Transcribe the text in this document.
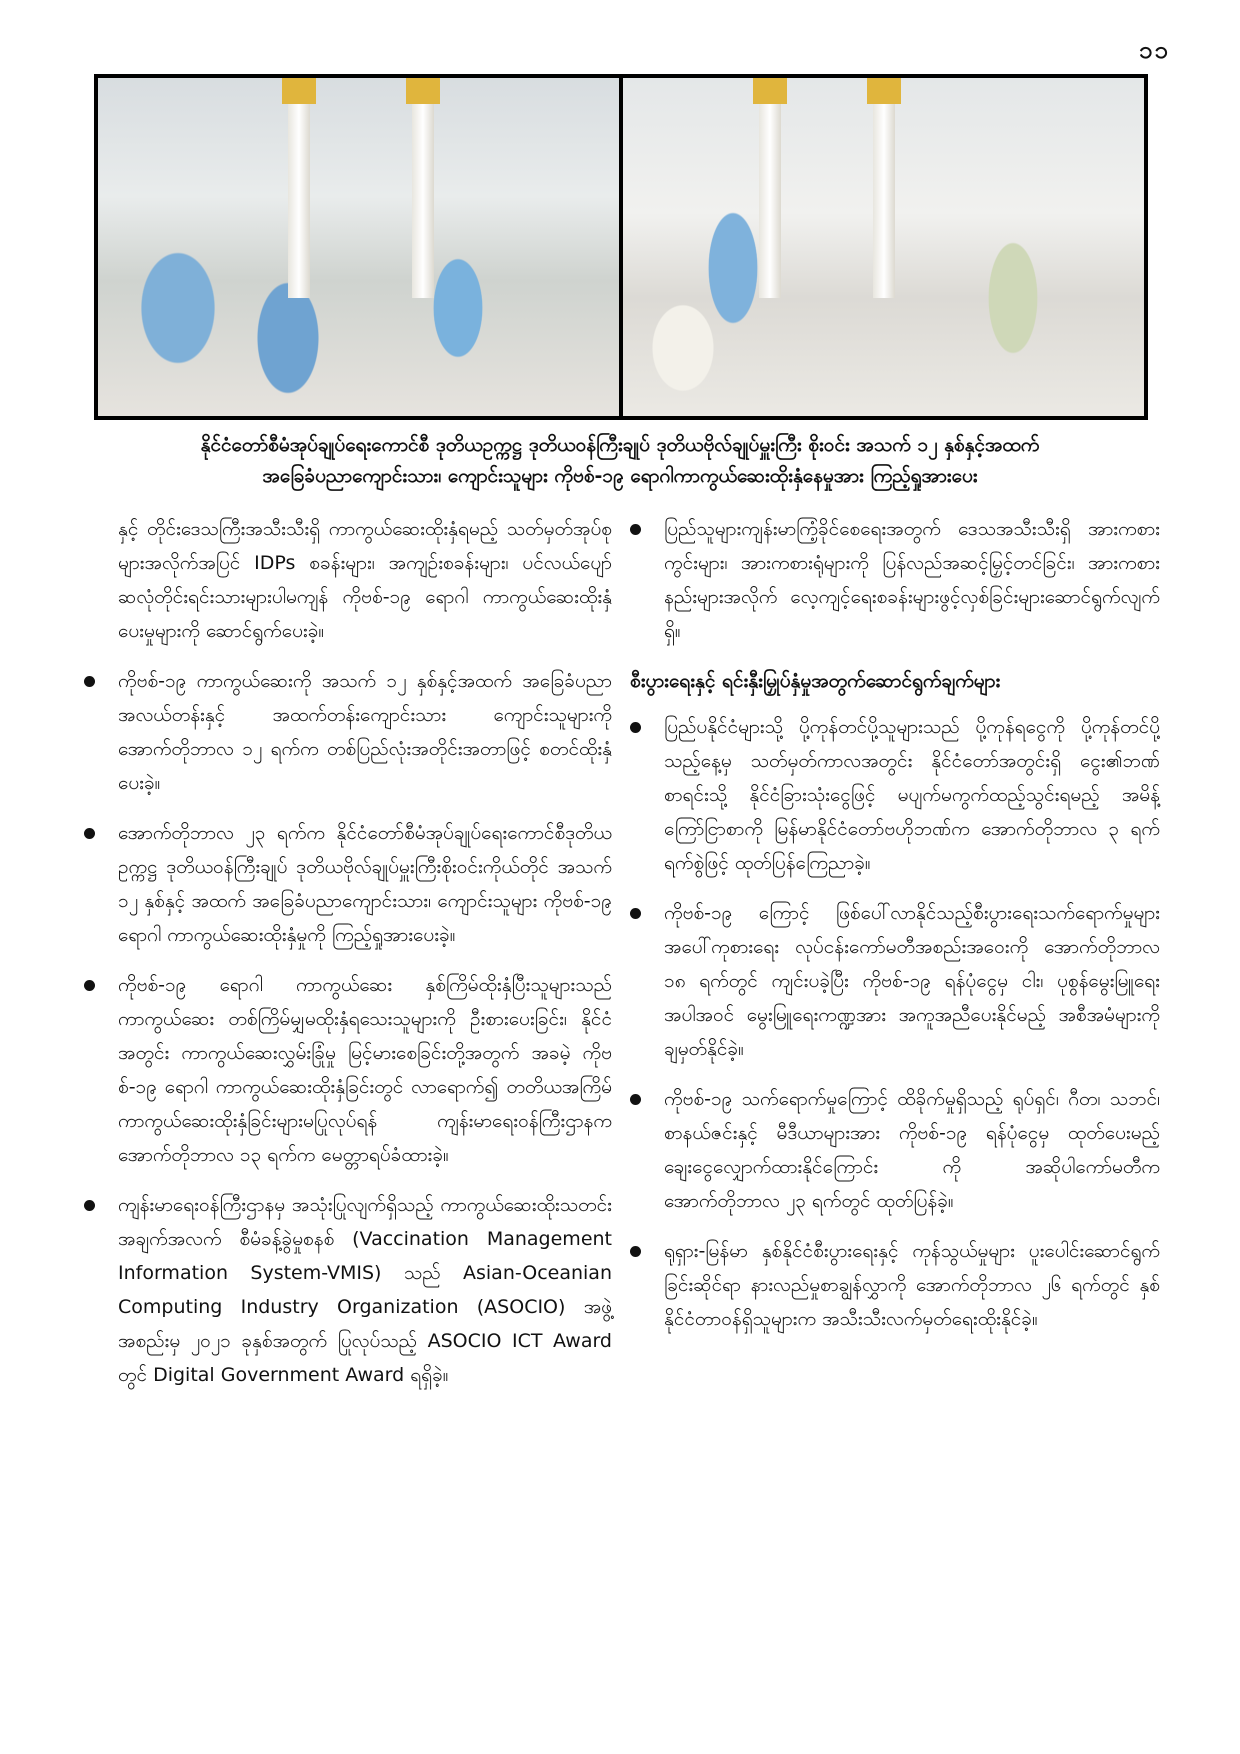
၁၁
နိုင်ငံတော်စီမံအုပ်ချုပ်ရေးကောင်စီ ဒုတိယဥက္ကဋ္ဌ ဒုတိယဝန်ကြီးချုပ် ဒုတိယဗိုလ်ချုပ်မှူးကြီး စိုးဝင်း အသက် ၁၂ နှစ်နှင့်အထက်
အခြေခံပညာကျောင်းသား၊ ကျောင်းသူများ ကိုဗစ်-၁၉ ရောဂါကာကွယ်ဆေးထိုးနှံနေမှုအား ကြည့်ရှုအားပေး

နှင့် တိုင်းဒေသကြီးအသီးသီးရှိ ကာကွယ်ဆေးထိုးနှံရမည့် သတ်မှတ်အုပ်စုများအလိုက်အပြင် IDPs စခန်းများ၊ အကျဉ်းစခန်းများ၊ ပင်လယ်ပျော်ဆလုံတိုင်းရင်းသားများပါမကျန် ကိုဗစ်-၁၉ ရောဂါ ကာကွယ်ဆေးထိုးနှံပေးမှုများကို ဆောင်ရွက်ပေးခဲ့။

ကိုဗစ်-၁၉ ကာကွယ်ဆေးကို အသက် ၁၂ နှစ်နှင့်အထက် အခြေခံပညာအလယ်တန်းနှင့် အထက်တန်းကျောင်းသား ကျောင်းသူများကို အောက်တိုဘာလ ၁၂ ရက်က တစ်ပြည်လုံးအတိုင်းအတာဖြင့် စတင်ထိုးနှံပေးခဲ့။
အောက်တိုဘာလ ၂၃ ရက်က နိုင်ငံတော်စီမံအုပ်ချုပ်ရေးကောင်စီဒုတိယဥက္ကဋ္ဌ ဒုတိယဝန်ကြီးချုပ် ဒုတိယဗိုလ်ချုပ်မှူးကြီးစိုးဝင်းကိုယ်တိုင် အသက် ၁၂ နှစ်နှင့် အထက် အခြေခံပညာကျောင်းသား၊ ကျောင်းသူများ ကိုဗစ်-၁၉ ရောဂါ ကာကွယ်ဆေးထိုးနှံမှုကို ကြည့်ရှုအားပေးခဲ့။
ကိုဗစ်-၁၉ ရောဂါ ကာကွယ်ဆေး နှစ်ကြိမ်ထိုးနှံပြီးသူများသည် ကာကွယ်ဆေး တစ်ကြိမ်မျှမထိုးနှံရသေးသူများကို ဦးစားပေးခြင်း၊ နိုင်ငံအတွင်း ကာကွယ်ဆေးလွှမ်းခြုံမှု မြင့်မားစေခြင်းတို့အတွက် အခမဲ့ ကိုဗစ်-၁၉ ရောဂါ ကာကွယ်ဆေးထိုးနှံခြင်းတွင် လာရောက်၍ တတိယအကြိမ် ကာကွယ်ဆေးထိုးနှံခြင်းများမပြုလုပ်ရန် ကျန်းမာရေးဝန်ကြီးဌာနက အောက်တိုဘာလ ၁၃ ရက်က မေတ္တာရပ်ခံထားခဲ့။
ကျန်းမာရေးဝန်ကြီးဌာနမှ အသုံးပြုလျက်ရှိသည့် ကာကွယ်ဆေးထိုးသတင်းအချက်အလက် စီမံခန့်ခွဲမှုစနစ် (Vaccination Management Information System-VMIS) သည် Asian-Oceanian Computing Industry Organization (ASOCIO) အဖွဲ့အစည်းမှ ၂၀၂၁ ခုနှစ်အတွက် ပြုလုပ်သည့် ASOCIO ICT Award တွင် Digital Government Award ရရှိခဲ့။
ပြည်သူများကျန်းမာကြံ့ခိုင်စေရေးအတွက် ဒေသအသီးသီးရှိ အားကစားကွင်းများ၊ အားကစားရုံများကို ပြန်လည်အဆင့်မြှင့်တင်ခြင်း၊ အားကစားနည်းများအလိုက် လေ့ကျင့်ရေးစခန်းများဖွင့်လှစ်ခြင်းများဆောင်ရွက်လျက်ရှိ။
စီးပွားရေးနှင့် ရင်းနှီးမြှုပ်နှံမှုအတွက်ဆောင်ရွက်ချက်များ
ပြည်ပနိုင်ငံများသို့ ပို့ကုန်တင်ပို့သူများသည် ပို့ကုန်ရငွေကို ပို့ကုန်တင်ပို့သည့်နေ့မှ သတ်မှတ်ကာလအတွင်း နိုင်ငံတော်အတွင်းရှိ ငွေး၏ဘဏ်စာရင်းသို့ နိုင်ငံခြားသုံးငွေဖြင့် မပျက်မကွက်ထည့်သွင်းရမည့် အမိန့်ကြော်ငြာစာကို မြန်မာနိုင်ငံတော်ဗဟိုဘဏ်က အောက်တိုဘာလ ၃ ရက် ရက်စွဲဖြင့် ထုတ်ပြန်ကြေညာခဲ့။
ကိုဗစ်-၁၉ ကြောင့် ဖြစ်ပေါ်လာနိုင်သည့်စီးပွားရေးသက်ရောက်မှုများအပေါ်ကုစားရေး လုပ်ငန်းကော်မတီအစည်းအဝေးကို အောက်တိုဘာလ ၁၈ ရက်တွင် ကျင်းပခဲ့ပြီး ကိုဗစ်-၁၉ ရန်ပုံငွေမှ ငါး၊ ပုစွန်မွေးမြူရေးအပါအဝင် မွေးမြူရေးကဏ္ဍအား အကူအညီပေးနိုင်မည့် အစီအမံများကို ချမှတ်နိုင်ခဲ့။
ကိုဗစ်-၁၉ သက်ရောက်မှုကြောင့် ထိခိုက်မှုရှိသည့် ရုပ်ရှင်၊ ဂီတ၊ သဘင်၊ စာနယ်ဇင်းနှင့် မီဒီယာများအား ကိုဗစ်-၁၉ ရန်ပုံငွေမှ ထုတ်ပေးမည့် ချေးငွေလျှောက်ထားနိုင်ကြောင်း ကို အဆိုပါကော်မတီက အောက်တိုဘာလ ၂၃ ရက်တွင် ထုတ်ပြန်ခဲ့။
ရုရှား-မြန်မာ နှစ်နိုင်ငံစီးပွားရေးနှင့် ကုန်သွယ်မှုများ ပူးပေါင်းဆောင်ရွက်ခြင်းဆိုင်ရာ နားလည်မှုစာချွန်လွှာကို အောက်တိုဘာလ ၂၆ ရက်တွင် နှစ်နိုင်ငံတာဝန်ရှိသူများက အသီးသီးလက်မှတ်ရေးထိုးနိုင်ခဲ့။
